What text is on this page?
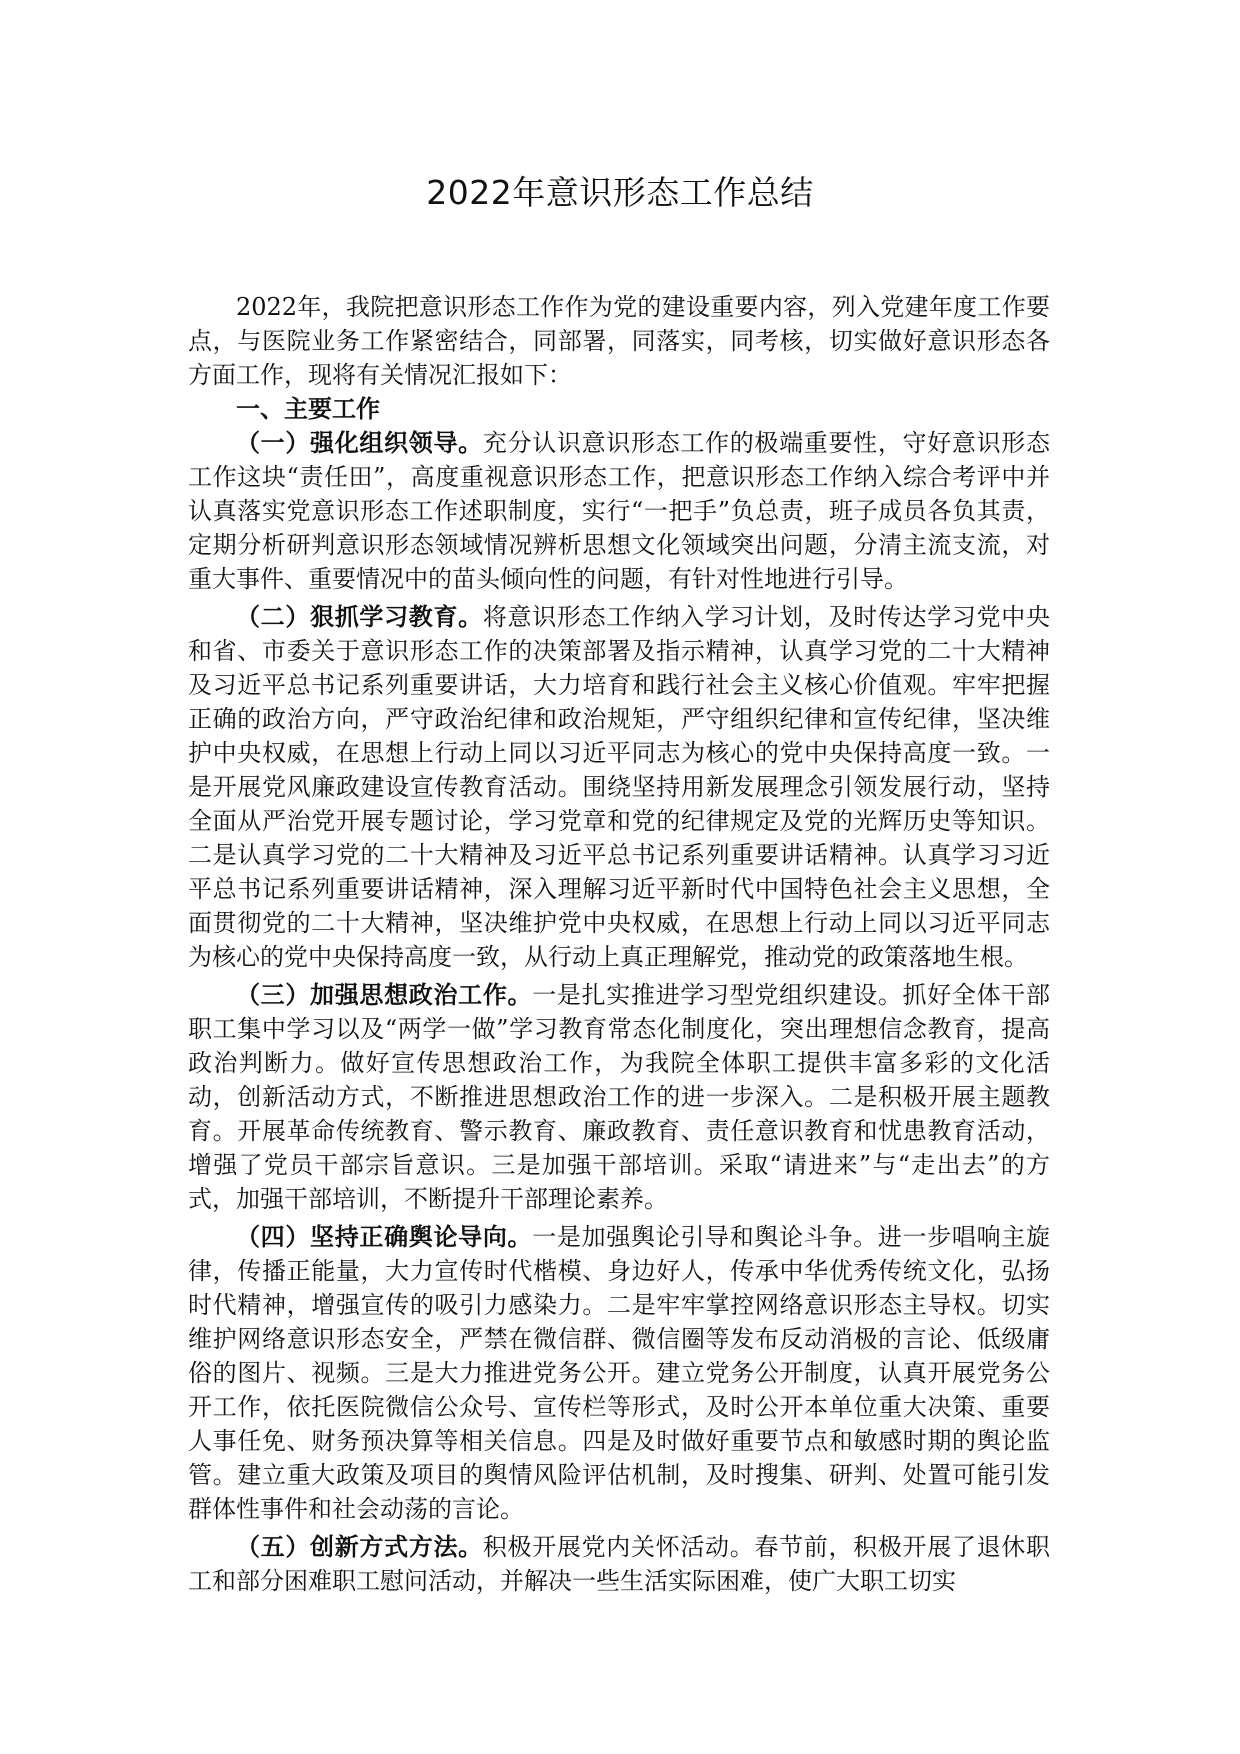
2022年意识形态工作总结

2022年，我院把意识形态工作作为党的建设重要内容，列入党建年度工作要点，与医院业务工作紧密结合，同部署，同落实，同考核，切实做好意识形态各方面工作，现将有关情况汇报如下：

一、主要工作

（一）强化组织领导。充分认识意识形态工作的极端重要性，守好意识形态工作这块“责任田”，高度重视意识形态工作，把意识形态工作纳入综合考评中并认真落实党意识形态工作述职制度，实行“一把手”负总责，班子成员各负其责，定期分析研判意识形态领域情况辨析思想文化领域突出问题，分清主流支流，对重大事件、重要情况中的苗头倾向性的问题，有针对性地进行引导。

（二）狠抓学习教育。将意识形态工作纳入学习计划，及时传达学习党中央和省、市委关于意识形态工作的决策部署及指示精神，认真学习党的二十大精神及习近平总书记系列重要讲话，大力培育和践行社会主义核心价值观。牢牢把握正确的政治方向，严守政治纪律和政治规矩，严守组织纪律和宣传纪律，坚决维护中央权威，在思想上行动上同以习近平同志为核心的党中央保持高度一致。一是开展党风廉政建设宣传教育活动。围绕坚持用新发展理念引领发展行动，坚持全面从严治党开展专题讨论，学习党章和党的纪律规定及党的光辉历史等知识。二是认真学习党的二十大精神及习近平总书记系列重要讲话精神。认真学习习近平总书记系列重要讲话精神，深入理解习近平新时代中国特色社会主义思想，全面贯彻党的二十大精神，坚决维护党中央权威，在思想上行动上同以习近平同志为核心的党中央保持高度一致，从行动上真正理解党，推动党的政策落地生根。

（三）加强思想政治工作。一是扎实推进学习型党组织建设。抓好全体干部职工集中学习以及“两学一做”学习教育常态化制度化，突出理想信念教育，提高政治判断力。做好宣传思想政治工作，为我院全体职工提供丰富多彩的文化活动，创新活动方式，不断推进思想政治工作的进一步深入。二是积极开展主题教育。开展革命传统教育、警示教育、廉政教育、责任意识教育和忧患教育活动，增强了党员干部宗旨意识。三是加强干部培训。采取“请进来”与“走出去”的方式，加强干部培训，不断提升干部理论素养。

（四）坚持正确舆论导向。一是加强舆论引导和舆论斗争。进一步唱响主旋律，传播正能量，大力宣传时代楷模、身边好人，传承中华优秀传统文化，弘扬时代精神，增强宣传的吸引力感染力。二是牢牢掌控网络意识形态主导权。切实维护网络意识形态安全，严禁在微信群、微信圈等发布反动消极的言论、低级庸俗的图片、视频。三是大力推进党务公开。建立党务公开制度，认真开展党务公开工作，依托医院微信公众号、宣传栏等形式，及时公开本单位重大决策、重要人事任免、财务预决算等相关信息。四是及时做好重要节点和敏感时期的舆论监管。建立重大政策及项目的舆情风险评估机制，及时搜集、研判、处置可能引发群体性事件和社会动荡的言论。

（五）创新方式方法。积极开展党内关怀活动。春节前，积极开展了退休职工和部分困难职工慰问活动，并解决一些生活实际困难，使广大职工切实
